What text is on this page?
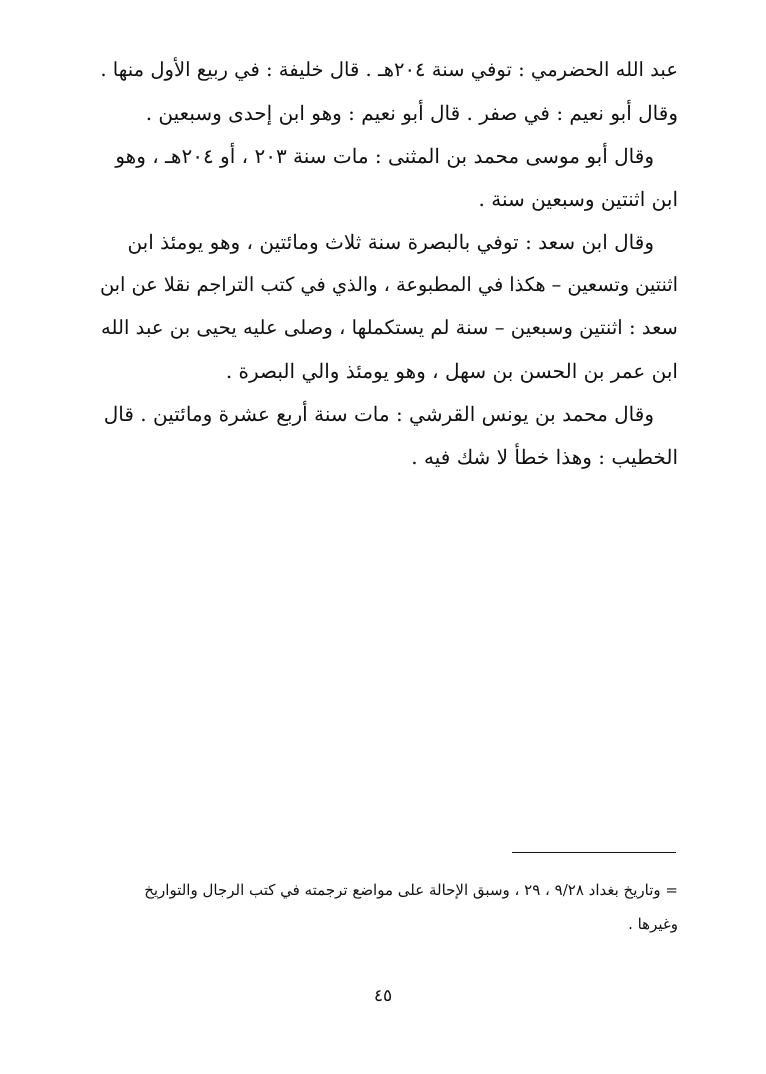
عبد الله الحضرمي : توفي سنة ٢٠٤هـ . قال خليفة : في ربيع الأول منها .
وقال أبو نعيم : في صفر . قال أبو نعيم : وهو ابن إحدى وسبعين .
وقال أبو موسى محمد بن المثنى : مات سنة ٢٠٣ ، أو ٢٠٤هـ ، وهو
ابن اثنتين وسبعين سنة .
وقال ابن سعد : توفي بالبصرة سنة ثلاث ومائتين ، وهو يومئذ ابن
اثنتين وتسعين – هكذا في المطبوعة ، والذي في كتب التراجم نقلا عن ابن
سعد : اثنتين وسبعين – سنة لم يستكملها ، وصلى عليه يحيى بن عبد الله
ابن عمر بن الحسن بن سهل ، وهو يومئذ والي البصرة .
وقال محمد بن يونس القرشي : مات سنة أربع عشرة ومائتين . قال
الخطيب : وهذا خطأ لا شك فيه .
= وتاريخ بغداد ٩/٢٨ ، ٢٩ ، وسبق الإحالة على مواضع ترجمته في كتب الرجال والتواريخ
وغيرها .
٤٥
